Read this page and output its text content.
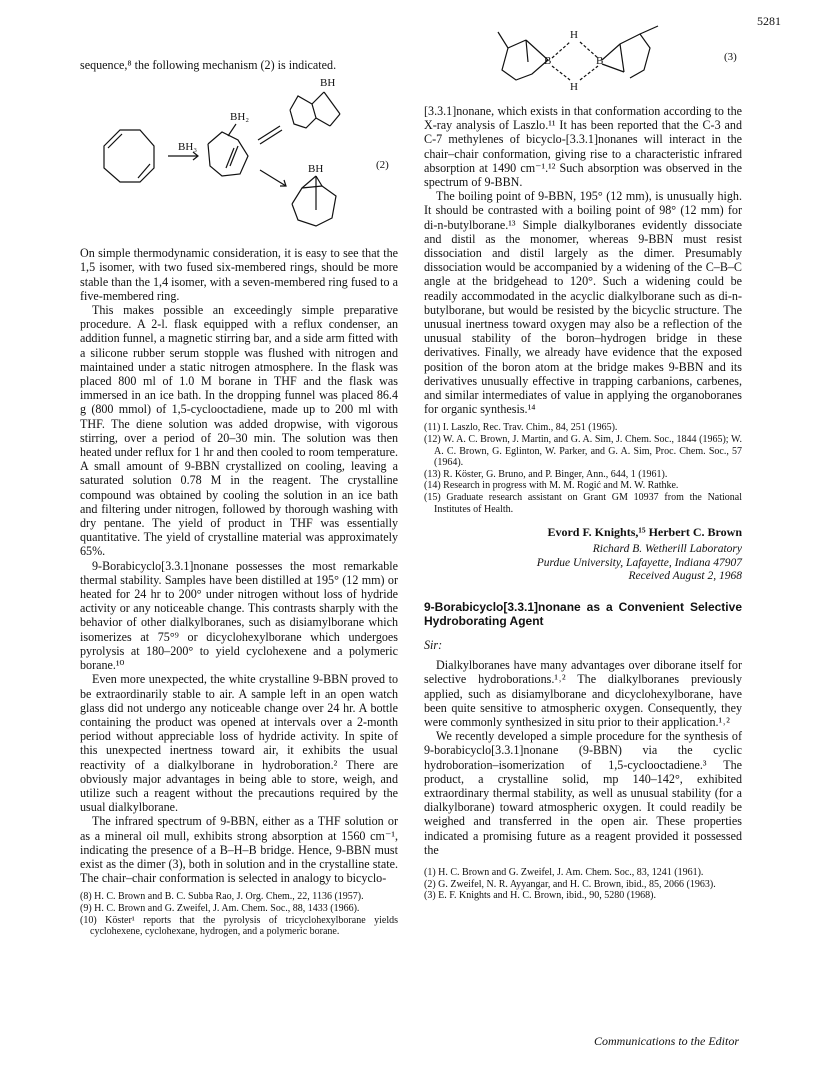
5281

sequence,⁸ the following mechanism (2) is indicated.

BH₃
BH₂
BH
BH	(2)

On simple thermodynamic consideration, it is easy to see that the 1,5 isomer, with two fused six-membered rings, should be more stable than the 1,4 isomer, with a seven-membered ring fused to a five-membered ring.

This makes possible an exceedingly simple preparative procedure. A 2-l. flask equipped with a reflux condenser, an addition funnel, a magnetic stirring bar, and a side arm fitted with a silicone rubber serum stopple was flushed with nitrogen and maintained under a static nitrogen atmosphere. In the flask was placed 800 ml of 1.0 M borane in THF and the flask was immersed in an ice bath. In the dropping funnel was placed 86.4 g (800 mmol) of 1,5-cyclooctadiene, made up to 200 ml with THF. The diene solution was added dropwise, with vigorous stirring, over a period of 20–30 min. The solution was then heated under reflux for 1 hr and then cooled to room temperature. A small amount of 9-BBN crystallized on cooling, leaving a saturated solution 0.78 M in the reagent. The crystalline compound was obtained by cooling the solution in an ice bath and filtering under nitrogen, followed by thorough washing with dry pentane. The yield of product in THF was essentially quantitative. The yield of crystalline material was approximately 65%.

9-Borabicyclo[3.3.1]nonane possesses the most remarkable thermal stability. Samples have been distilled at 195° (12 mm) or heated for 24 hr to 200° under nitrogen without loss of hydride activity or any noticeable change. This contrasts sharply with the behavior of other dialkylboranes, such as disiamylborane which isomerizes at 75°⁹ or dicyclohexylborane which undergoes pyrolysis at 180–200° to yield cyclohexene and a polymeric borane.¹⁰

Even more unexpected, the white crystalline 9-BBN proved to be extraordinarily stable to air. A sample left in an open watch glass did not undergo any noticeable change over 24 hr. A bottle containing the product was opened at intervals over a 2-month period without appreciable loss of hydride activity. In spite of this unexpected inertness toward air, it exhibits the usual reactivity of a dialkylborane in hydroboration.² There are obviously major advantages in being able to store, weigh, and utilize such a reagent without the precautions required by the usual dialkylborane.

The infrared spectrum of 9-BBN, either as a THF solution or as a mineral oil mull, exhibits strong absorption at 1560 cm⁻¹, indicating the presence of a B–H–B bridge. Hence, 9-BBN must exist as the dimer (3), both in solution and in the crystalline state. The chair–chair conformation is selected in analogy to bicyclo-

(8) H. C. Brown and B. C. Subba Rao, J. Org. Chem., 22, 1136 (1957).
(9) H. C. Brown and G. Zweifel, J. Am. Chem. Soc., 88, 1433 (1966).
(10) Köster¹ reports that the pyrolysis of tricyclohexylborane yields cyclohexene, cyclohexane, hydrogen, and a polymeric borane.
H
H
B	B	(3)

[3.3.1]nonane, which exists in that conformation according to the X-ray analysis of Laszlo.¹¹ It has been reported that the C-3 and C-7 methylenes of bicyclo-[3.3.1]nonanes will interact in the chair–chair conformation, giving rise to a characteristic infrared absorption at 1490 cm⁻¹.¹² Such absorption was observed in the spectrum of 9-BBN.

The boiling point of 9-BBN, 195° (12 mm), is unusually high. It should be contrasted with a boiling point of 98° (12 mm) for di-n-butylborane.¹³ Simple dialkylboranes evidently dissociate and distil as the monomer, whereas 9-BBN must resist dissociation and distil largely as the dimer. Presumably dissociation would be accompanied by a widening of the C–B–C angle at the bridgehead to 120°. Such a widening could be readily accommodated in the acyclic dialkylborane such as di-n-butylborane, but would be resisted by the bicyclic structure. The unusual inertness toward oxygen may also be a reflection of the unusual stability of the boron–hydrogen bridge in these derivatives. Finally, we already have evidence that the exposed position of the boron atom at the bridge makes 9-BBN and its derivatives unusually effective in trapping carbanions, carbenes, and similar intermediates of value in applying the organoboranes for organic synthesis.¹⁴

(11) I. Laszlo, Rec. Trav. Chim., 84, 251 (1965).
(12) W. A. C. Brown, J. Martin, and G. A. Sim, J. Chem. Soc., 1844 (1965); W. A. C. Brown, G. Eglinton, W. Parker, and G. A. Sim, Proc. Chem. Soc., 57 (1964).
(13) R. Köster, G. Bruno, and P. Binger, Ann., 644, 1 (1961).
(14) Research in progress with M. M. Rogić and M. W. Rathke.
(15) Graduate research assistant on Grant GM 10937 from the National Institutes of Health.
Evord F. Knights,¹⁵ Herbert C. Brown
Richard B. Wetherill Laboratory
Purdue University, Lafayette, Indiana 47907
Received August 2, 1968
9-Borabicyclo[3.3.1]nonane as a Convenient Selective Hydroborating Agent
Sir:

Dialkylboranes have many advantages over diborane itself for selective hydroborations.¹˒² The dialkylboranes previously applied, such as disiamylborane and dicyclohexylborane, have been quite sensitive to atmospheric oxygen. Consequently, they were commonly synthesized in situ prior to their application.¹˒²

We recently developed a simple procedure for the synthesis of 9-borabicyclo[3.3.1]nonane (9-BBN) via the cyclic hydroboration–isomerization of 1,5-cyclooctadiene.³ The product, a crystalline solid, mp 140–142°, exhibited extraordinary thermal stability, as well as unusual stability (for a dialkylborane) toward atmospheric oxygen. It could readily be weighed and transferred in the open air. These properties indicated a promising future as a reagent provided it possessed the

(1) H. C. Brown and G. Zweifel, J. Am. Chem. Soc., 83, 1241 (1961).
(2) G. Zweifel, N. R. Ayyangar, and H. C. Brown, ibid., 85, 2066 (1963).
(3) E. F. Knights and H. C. Brown, ibid., 90, 5280 (1968).
Communications to the Editor
